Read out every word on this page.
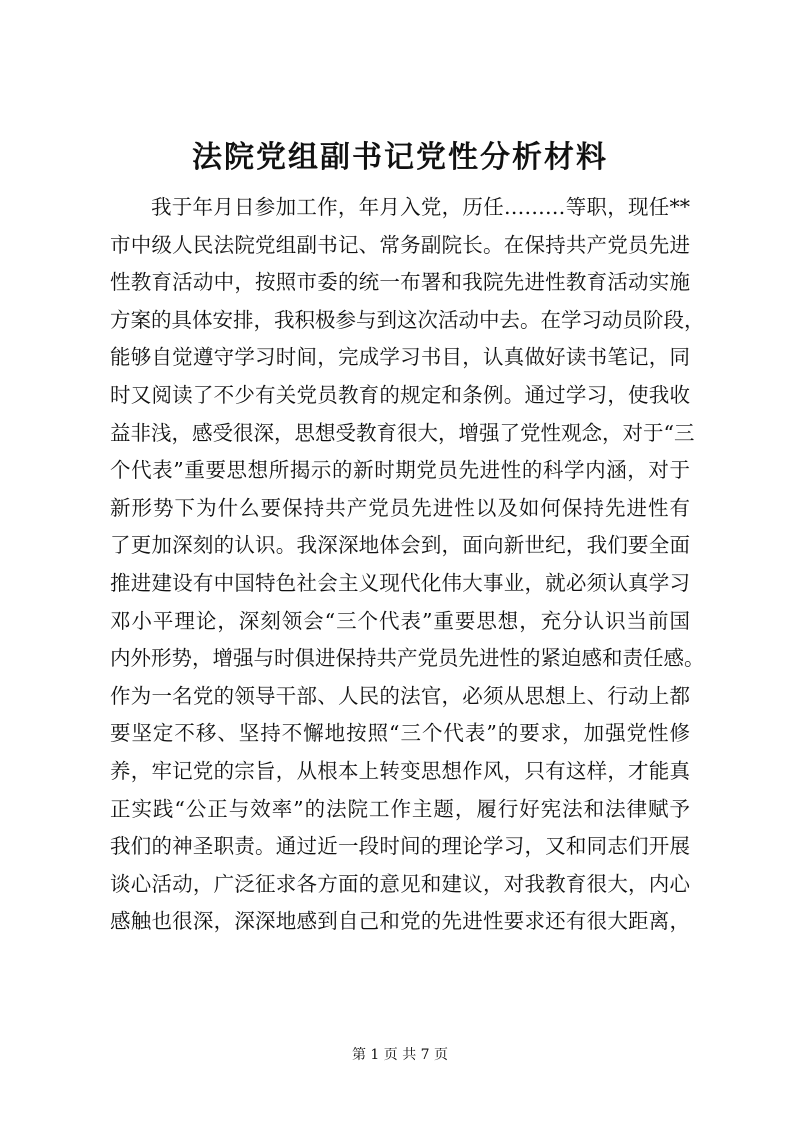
法院党组副书记党性分析材料
我于年月日参加工作，年月入党，历任………等职，现任**
市中级人民法院党组副书记、常务副院长。在保持共产党员先进
性教育活动中，按照市委的统一布署和我院先进性教育活动实施
方案的具体安排，我积极参与到这次活动中去。在学习动员阶段，
能够自觉遵守学习时间，完成学习书目，认真做好读书笔记，同
时又阅读了不少有关党员教育的规定和条例。通过学习，使我收
益非浅，感受很深，思想受教育很大，增强了党性观念，对于“三
个代表”重要思想所揭示的新时期党员先进性的科学内涵，对于
新形势下为什么要保持共产党员先进性以及如何保持先进性有
了更加深刻的认识。我深深地体会到，面向新世纪，我们要全面
推进建设有中国特色社会主义现代化伟大事业，就必须认真学习
邓小平理论，深刻领会“三个代表”重要思想，充分认识当前国
内外形势，增强与时俱进保持共产党员先进性的紧迫感和责任感。
作为一名党的领导干部、人民的法官，必须从思想上、行动上都
要坚定不移、坚持不懈地按照“三个代表”的要求，加强党性修
养，牢记党的宗旨，从根本上转变思想作风，只有这样，才能真
正实践“公正与效率”的法院工作主题，履行好宪法和法律赋予
我们的神圣职责。通过近一段时间的理论学习，又和同志们开展
谈心活动，广泛征求各方面的意见和建议，对我教育很大，内心
感触也很深，深深地感到自己和党的先进性要求还有很大距离，
第 1 页 共 7 页
